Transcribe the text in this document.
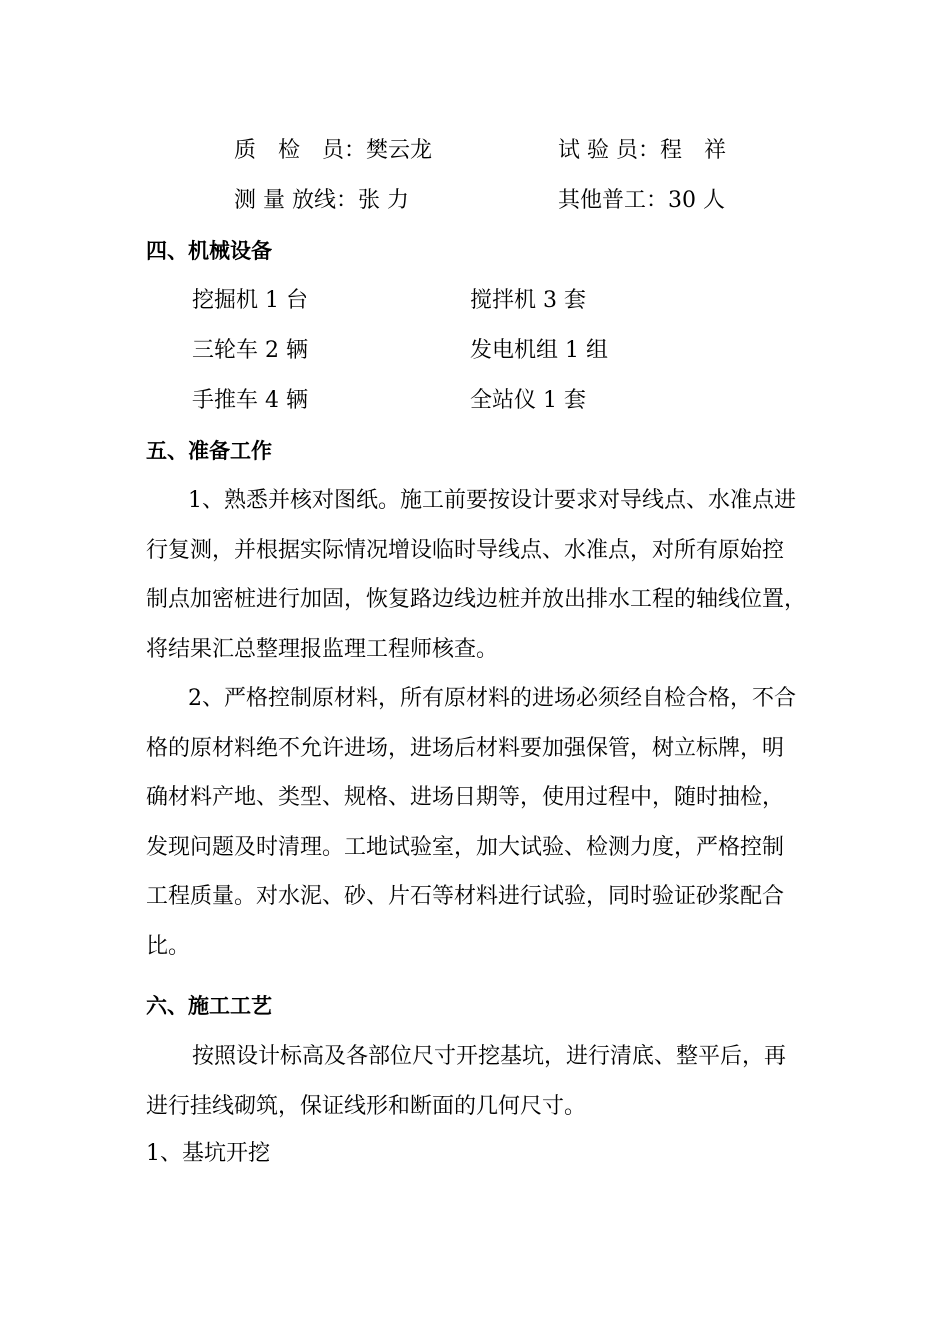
质　检　员：樊云龙	试 验 员：程　祥
测 量 放线：张 力	其他普工：30 人
四、机械设备
挖掘机 1 台	搅拌机 3 套
三轮车 2 辆	发电机组 1 组
手推车 4 辆	全站仪 1 套
五、准备工作
1、熟悉并核对图纸。施工前要按设计要求对导线点、水准点进
行复测，并根据实际情况增设临时导线点、水准点，对所有原始控
制点加密桩进行加固，恢复路边线边桩并放出排水工程的轴线位置，
将结果汇总整理报监理工程师核查。
2、严格控制原材料，所有原材料的进场必须经自检合格，不合
格的原材料绝不允许进场，进场后材料要加强保管，树立标牌，明
确材料产地、类型、规格、进场日期等，使用过程中，随时抽检，
发现问题及时清理。工地试验室，加大试验、检测力度，严格控制
工程质量。对水泥、砂、片石等材料进行试验，同时验证砂浆配合
比。
六、施工工艺
按照设计标高及各部位尺寸开挖基坑，进行清底、整平后，再
进行挂线砌筑，保证线形和断面的几何尺寸。
1、基坑开挖
